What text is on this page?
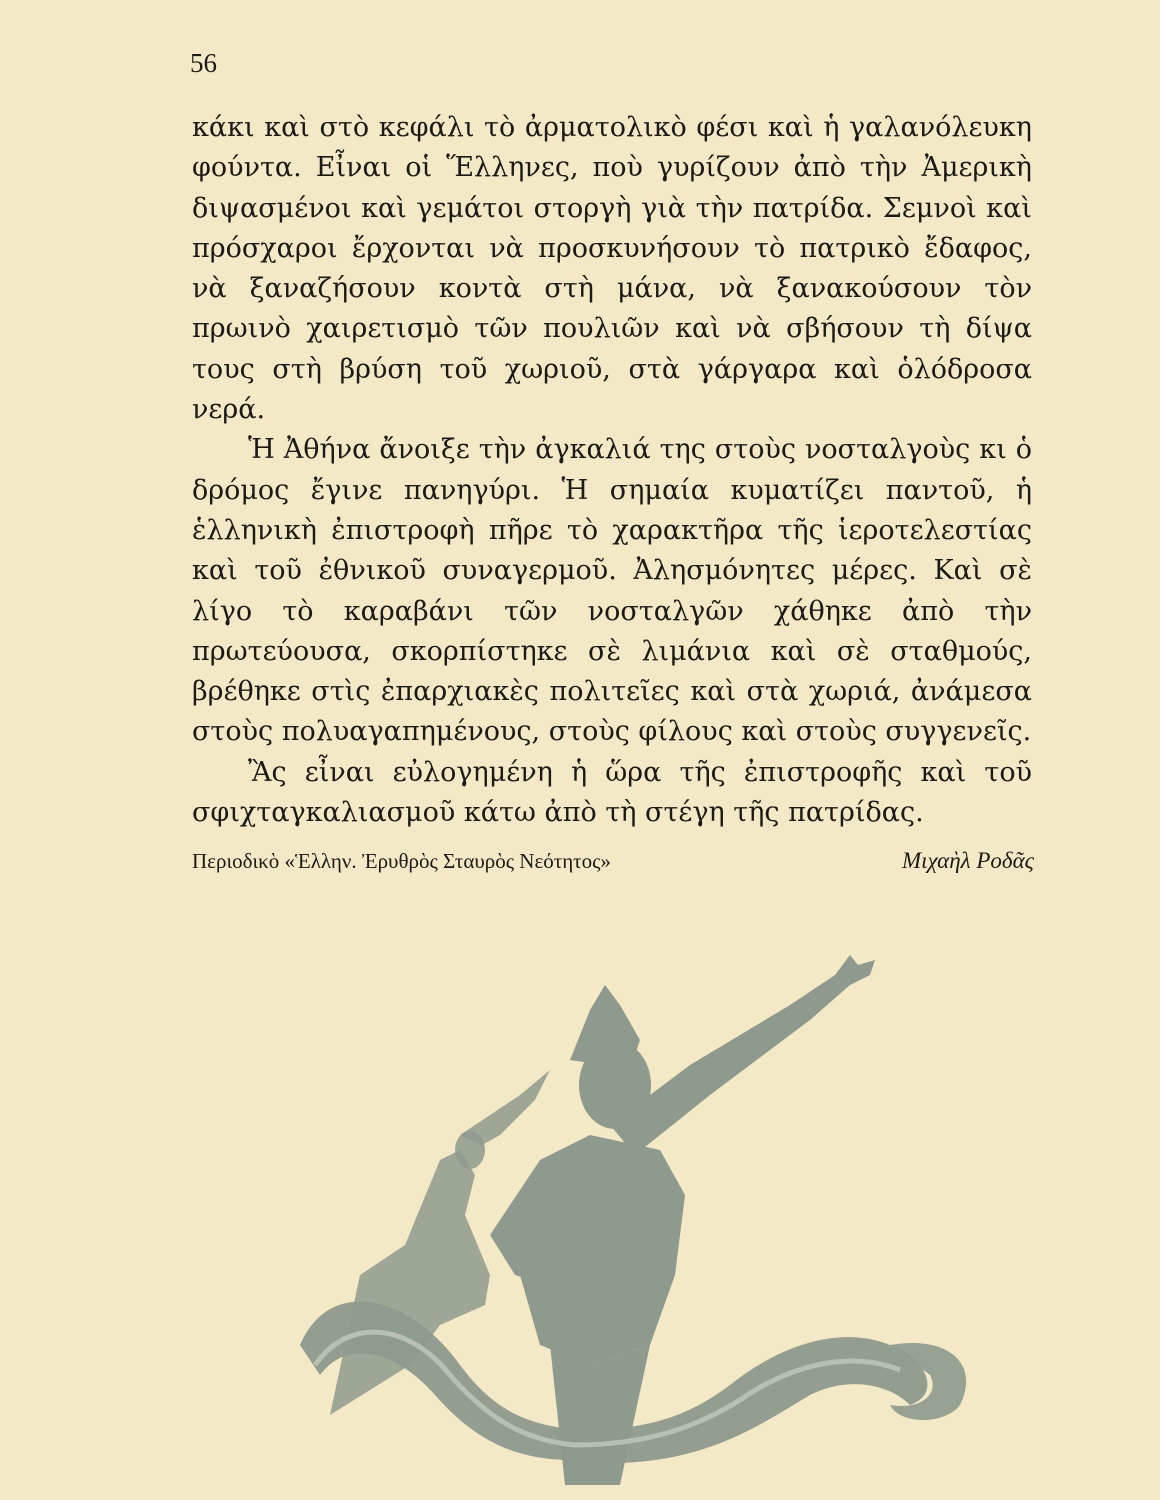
56

κάκι καὶ στὸ κεφάλι τὸ ἀρματολικὸ φέσι καὶ ἡ γαλανόλευκη φούντα. Εἶναι οἱ Ἕλληνες, ποὺ γυρίζουν ἀπὸ τὴν Ἀμερικὴ διψασμένοι καὶ γεμάτοι στοργὴ γιὰ τὴν πατρίδα. Σεμνοὶ καὶ πρόσχαροι ἔρχονται νὰ προσκυνήσουν τὸ πατρικὸ ἔδαφος, νὰ ξαναζήσουν κοντὰ στὴ μάνα, νὰ ξανακούσουν τὸν πρωινὸ χαιρετισμὸ τῶν πουλιῶν καὶ νὰ σβήσουν τὴ δίψα τους στὴ βρύση τοῦ χωριοῦ, στὰ γάργαρα καὶ ὁλόδροσα νερά.

Ἡ Ἀθήνα ἄνοιξε τὴν ἀγκαλιά της στοὺς νοσταλγοὺς κι ὁ δρόμος ἔγινε πανηγύρι. Ἡ σημαία κυματίζει παντοῦ, ἡ ἑλληνικὴ ἐπιστροφὴ πῆρε τὸ χαρακτῆρα τῆς ἱεροτελεστίας καὶ τοῦ ἐθνικοῦ συναγερμοῦ. Ἀλησμόνητες μέρες. Καὶ σὲ λίγο τὸ καραβάνι τῶν νοσταλγῶν χάθηκε ἀπὸ τὴν πρωτεύουσα, σκορπίστηκε σὲ λιμάνια καὶ σὲ σταθμούς, βρέθηκε στὶς ἐπαρχιακὲς πολιτεῖες καὶ στὰ χωριά, ἀνάμεσα στοὺς πολυαγαπημένους, στοὺς φίλους καὶ στοὺς συγγενεῖς.

Ἂς εἶναι εὐλογημένη ἡ ὥρα τῆς ἐπιστροφῆς καὶ τοῦ σφιχταγκαλιασμοῦ κάτω ἀπὸ τὴ στέγη τῆς πατρίδας.

Περιοδικὸ «Ἑλλην. Ἐρυθρὸς Σταυρὸς Νεότητος»	Μιχαὴλ Ροδᾶς
